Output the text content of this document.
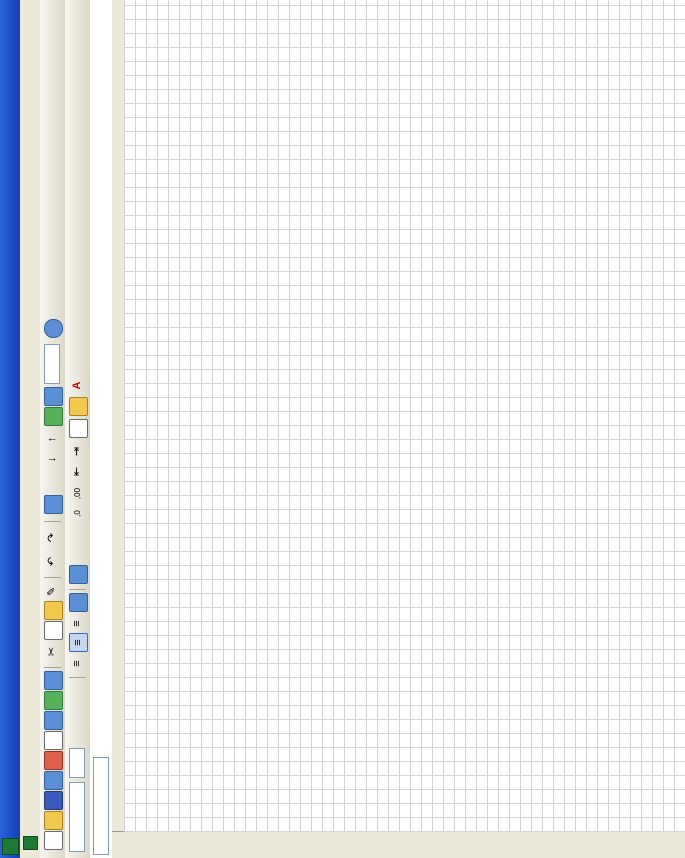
✂
✎
↶
↷
↓
↑
≡
≡
≡
,0
,00
⇤
⇥
A
